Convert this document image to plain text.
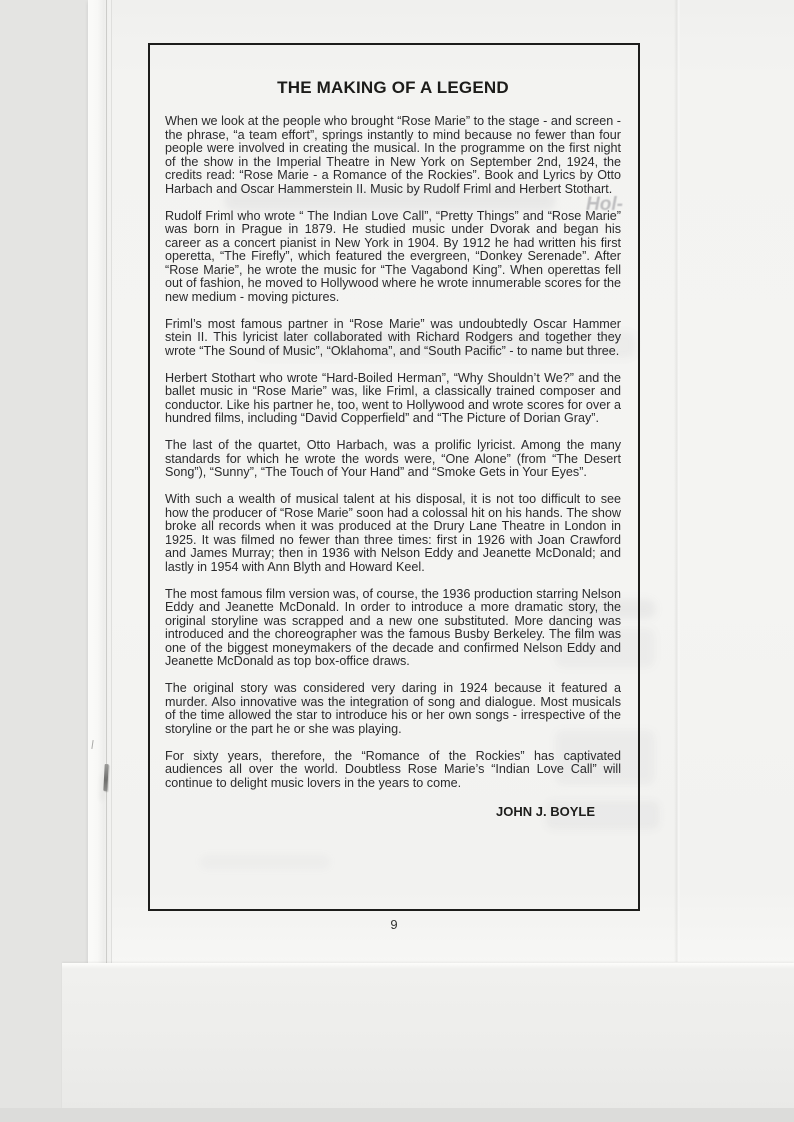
Hol-
THE MAKING OF A LEGEND

When we look at the people who brought “Rose Marie” to the stage - and screen - the phrase, “a team effort”, springs instantly to mind because no fewer than four people were involved in creating the musical. In the programme on the first night of the show in the Imperial Theatre in New York on September 2nd, 1924, the credits read: “Rose Marie - a Romance of the Rockies”. Book and Lyrics by Otto Harbach and Oscar Hammerstein II. Music by Rudolf Friml and Herbert Stothart.

Rudolf Friml who wrote “ The Indian Love Call”, “Pretty Things” and “Rose Marie” was born in Prague in 1879. He studied music under Dvorak and began his career as a concert pianist in New York in 1904. By 1912 he had written his first operetta, “The Firefly”, which featured the evergreen, “Donkey Serenade”. After “Rose Marie”, he wrote the music for “The Vagabond King”. When operettas fell out of fashion, he moved to Hollywood where he wrote innumerable scores for the new medium - moving pictures.

Friml’s most famous partner in “Rose Marie” was undoubtedly Oscar Hammer stein II. This lyricist later collaborated with Richard Rodgers and together they wrote “The Sound of Music”, “Oklahoma”, and “South Pacific” - to name but three.

Herbert Stothart who wrote “Hard-Boiled Herman”, “Why Shouldn’t We?” and the ballet music in “Rose Marie” was, like Friml, a classically trained composer and conductor. Like his partner he, too, went to Hollywood and wrote scores for over a hundred films, including “David Copperfield” and “The Picture of Dorian Gray”.

The last of the quartet, Otto Harbach, was a prolific lyricist. Among the many standards for which he wrote the words were, “One Alone” (from “The Desert Song”), “Sunny”, “The Touch of Your Hand” and “Smoke Gets in Your Eyes”.

With such a wealth of musical talent at his disposal, it is not too difficult to see how the producer of “Rose Marie” soon had a colossal hit on his hands. The show broke all records when it was produced at the Drury Lane Theatre in London in 1925. It was filmed no fewer than three times: first in 1926 with Joan Crawford and James Murray; then in 1936 with Nelson Eddy and Jeanette McDonald; and lastly in 1954 with Ann Blyth and Howard Keel.

The most famous film version was, of course, the 1936 production starring Nelson Eddy and Jeanette McDonald. In order to introduce a more dramatic story, the original storyline was scrapped and a new one substituted. More dancing was introduced and the choreographer was the famous Busby Berkeley. The film was one of the biggest moneymakers of the decade and confirmed Nelson Eddy and Jeanette McDonald as top box-office draws.

The original story was considered very daring in 1924 because it featured a murder. Also innovative was the integration of song and dialogue. Most musicals of the time allowed the star to introduce his or her own songs - irrespective of the storyline or the part he or she was playing.

For sixty years, therefore, the “Romance of the Rockies” has captivated audiences all over the world. Doubtless Rose Marie’s “Indian Love Call” will continue to delight music lovers in the years to come.

JOHN J. BOYLE
9
